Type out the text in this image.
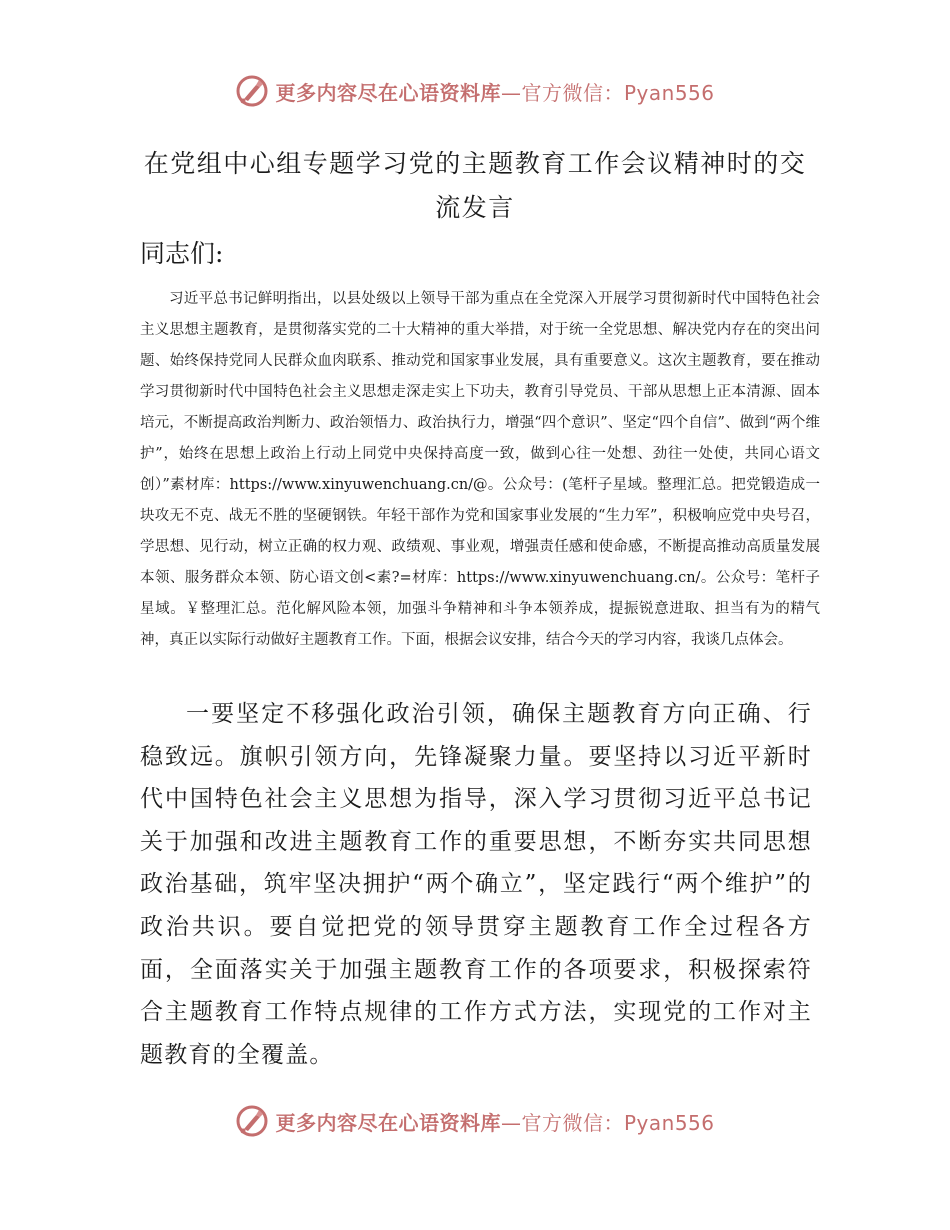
更多内容尽在心语资料库—官方微信：Pyan556
在党组中心组专题学习党的主题教育工作会议精神时的交流发言
同志们:
习近平总书记鲜明指出，以县处级以上领导干部为重点在全党深入开展学习贯彻新时代中国特色社会主义思想主题教育，是贯彻落实党的二十大精神的重大举措，对于统一全党思想、解决党内存在的突出问题、始终保持党同人民群众血肉联系、推动党和国家事业发展，具有重要意义。这次主题教育，要在推动学习贯彻新时代中国特色社会主义思想走深走实上下功夫，教育引导党员、干部从思想上正本清源、固本培元，不断提高政治判断力、政治领悟力、政治执行力，增强“四个意识”、坚定“四个自信”、做到“两个维护”，始终在思想上政治上行动上同党中央保持高度一致，做到心往一处想、劲往一处使，共同心语文创）”素材库：https://www.xinyuwenchuang.cn/@。公众号：(笔杆子星域。整理汇总。把党锻造成一块攻无不克、战无不胜的坚硬钢铁。年轻干部作为党和国家事业发展的“生力军”，积极响应党中央号召，学思想、见行动，树立正确的权力观、政绩观、事业观，增强责任感和使命感，不断提高推动高质量发展本领、服务群众本领、防心语文创<素?=材库：https://www.xinyuwenchuang.cn/。公众号：笔杆子星域。￥整理汇总。范化解风险本领，加强斗争精神和斗争本领养成，提振锐意进取、担当有为的精气神，真正以实际行动做好主题教育工作。下面，根据会议安排，结合今天的学习内容，我谈几点体会。
一要坚定不移强化政治引领，确保主题教育方向正确、行稳致远。旗帜引领方向，先锋凝聚力量。要坚持以习近平新时代中国特色社会主义思想为指导，深入学习贯彻习近平总书记关于加强和改进主题教育工作的重要思想，不断夯实共同思想政治基础，筑牢坚决拥护“两个确立”，坚定践行“两个维护”的政治共识。要自觉把党的领导贯穿主题教育工作全过程各方面，全面落实关于加强主题教育工作的各项要求，积极探索符合主题教育工作特点规律的工作方式方法，实现党的工作对主题教育的全覆盖。
更多内容尽在心语资料库—官方微信：Pyan556
